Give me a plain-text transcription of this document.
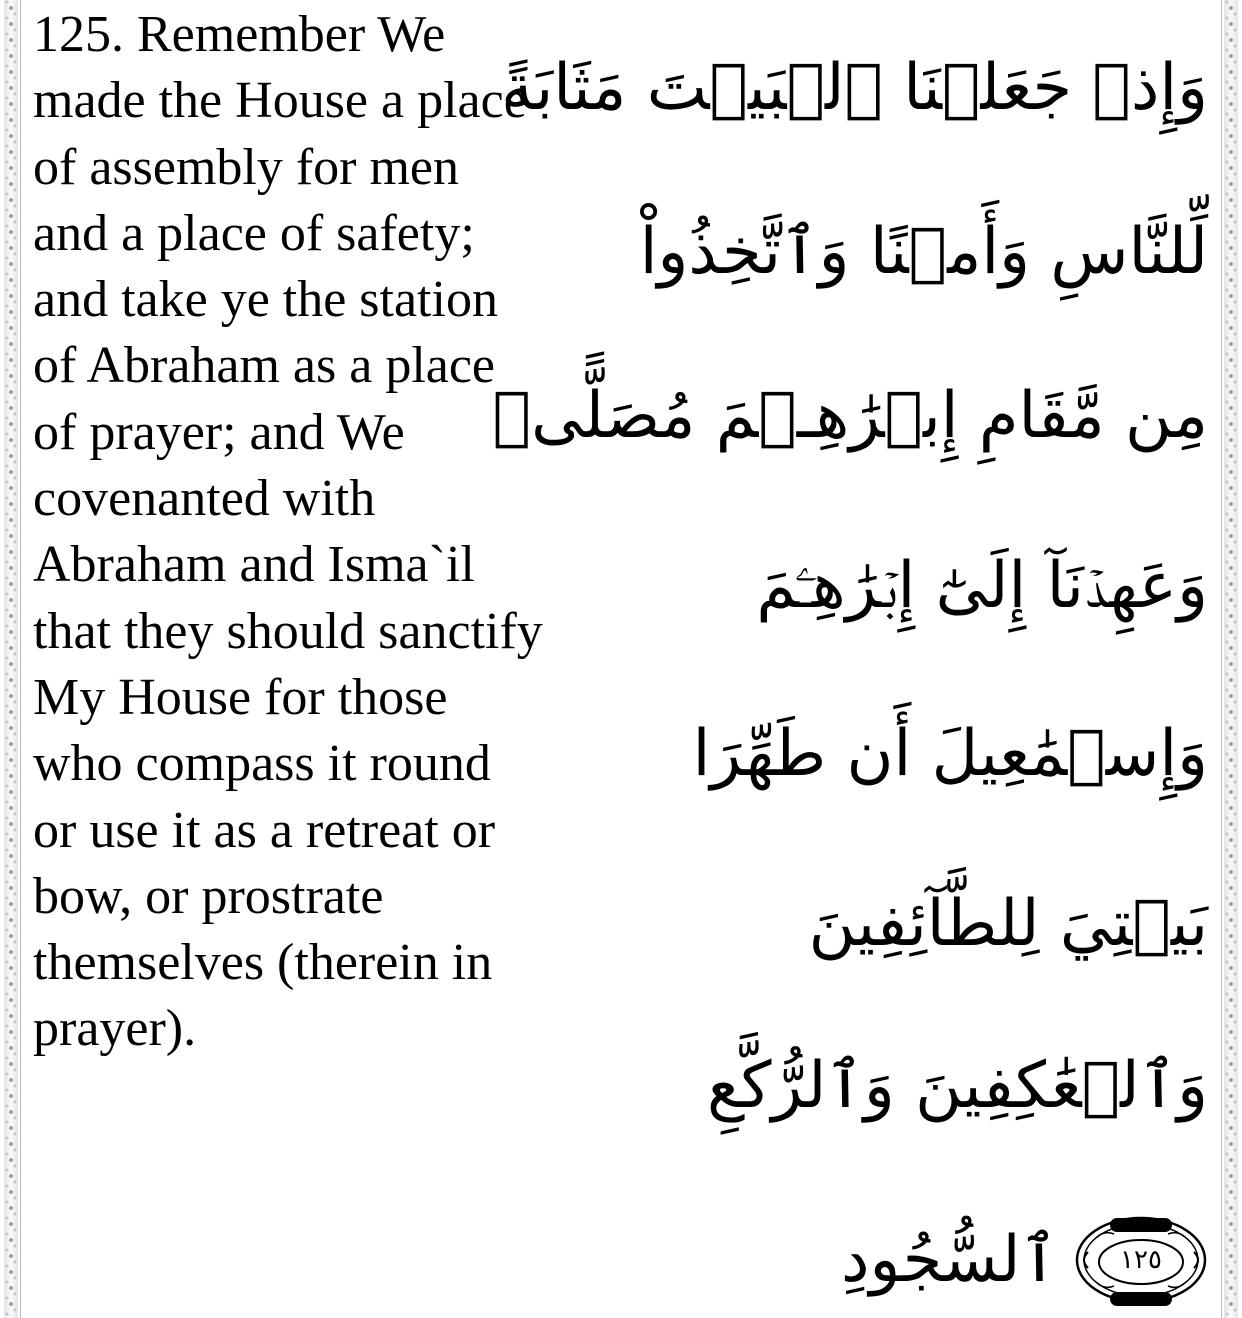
125. Remember We made the House a place of assembly for men and a place of safety; and take ye the station of Abraham as a place of prayer; and We covenanted with Abraham and Isma`il that they should sanctify My House for those who compass it round or use it as a retreat or bow, or prostrate themselves (therein in prayer).

وَإِذۡ جَعَلۡنَا ٱلۡبَيۡتَ مَثَابَةً
لِّلنَّاسِ وَأَمۡنًا وَٱتَّخِذُواْ
مِن مَّقَامِ إِبۡرَٰهِـۧمَ مُصَلًّىۖ
وَعَهِدۡنَآ إِلَىٰٓ إِبۡرَٰهِـۧمَ
وَإِسۡمَٰعِيلَ أَن طَهِّرَا
بَيۡتِيَ لِلطَّآئِفِينَ
وَٱلۡعَٰكِفِينَ وَٱلرُّكَّعِ
ٱلسُّجُودِ	١٢٥
